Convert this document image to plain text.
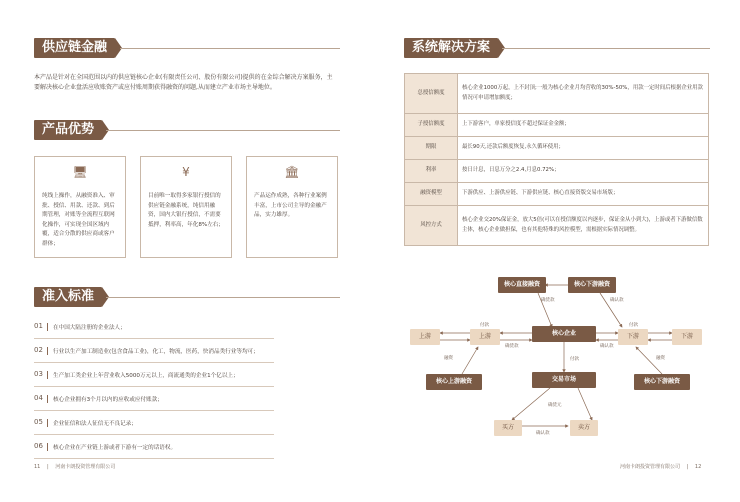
供应链金融
本产品是针对在全国范围以内的供应链核心企业(有限责任公司、股份有限公司)提供的在金综合解决方案服务，主要解决核心企业盘活应收账资产或应付账周期获得融资的问题,从而建立产业市场主导地位。
产品优势
🖥
纯线上操作，从融资准入、审批、授信、用款、还款、到后期管理，对账等全流程互联网化操作，可实现全国区域内覆，适合分散的供应商或客户群体；
¥
目前唯一取得多家银行授信的供应链金融系统，纯信用融资，国内大银行授信，不需要抵押，利率高，年化8%左右；
🏛
产品运作成熟，各种行业案例丰富，上市公司主导的金融产品，实力雄厚。
准入标准
01 在中国大陆注册的企业法人；
02 行业以生产加工制造业(包含食品工业)，化工，物流，医药，快消品类行业等均可；
03 生产加工类企业上年营业收入5000万元以上，商流通类的企业1个亿以上；
04 核心企业拥有3个月以内的应收或应付账款；
05 企业征信和法人征信无不良记录；
06 核心企业在产业链上游或者下游有一定的话语权。
11 | 河南卡朗投资管理有限公司
系统解决方案
总授信额度	核心企业1000万起，上不封顶;一般为核心企业月均营收的30%-50%，用款一定时间后根据企业用款情况可申请增加额度；
子授信额度	上下游客户，单家授信度不超过保证金金额；
期限	最长90天,还款后额度恢复,永久循环使用；
利率	按日计息，日息万分之2.4,月息0.72%；
融资模型	下游供应、上游供应链、下游供应链、核心直接资版交易市场版；
风控方式	核心企业交20%保证金，放大5倍(可以在授信额度以内逐步，保证金从小到大)，上游或者下游做信数主体，核心企业做担保，也有其他特殊的风控模型，需根据实际情况调整。
核心直接融资	核心下游融资
上游	上游	核心企业	下游	下游
核心上游融资	交易市场	核心下游融资
买方	卖方
付款
确货款
付款
确认款
融资	融资
确货款	确认款
确货元
确认款
付款
河南卡朗投资管理有限公司 | 12
